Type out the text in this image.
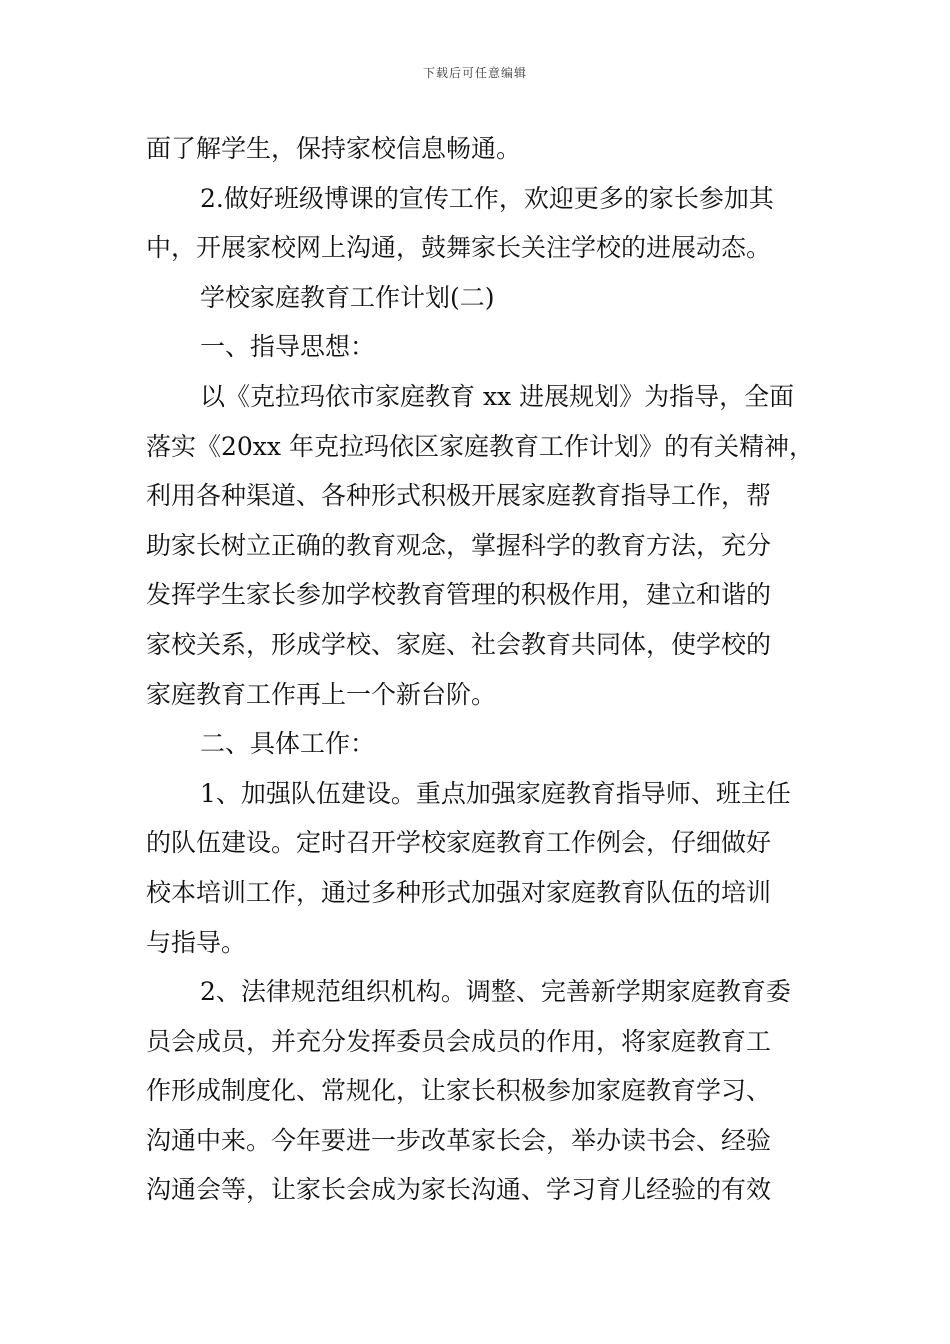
下载后可任意编辑
面了解学生，保持家校信息畅通。
2.做好班级博课的宣传工作，欢迎更多的家长参加其
中，开展家校网上沟通，鼓舞家长关注学校的进展动态。
学校家庭教育工作计划(二)
一、指导思想：
以《克拉玛依市家庭教育 xx 进展规划》为指导，全面
落实《20xx 年克拉玛依区家庭教育工作计划》的有关精神，
利用各种渠道、各种形式积极开展家庭教育指导工作，帮
助家长树立正确的教育观念，掌握科学的教育方法，充分
发挥学生家长参加学校教育管理的积极作用，建立和谐的
家校关系，形成学校、家庭、社会教育共同体，使学校的
家庭教育工作再上一个新台阶。
二、具体工作：
1、加强队伍建设。重点加强家庭教育指导师、班主任
的队伍建设。定时召开学校家庭教育工作例会，仔细做好
校本培训工作，通过多种形式加强对家庭教育队伍的培训
与指导。
2、法律规范组织机构。调整、完善新学期家庭教育委
员会成员，并充分发挥委员会成员的作用，将家庭教育工
作形成制度化、常规化，让家长积极参加家庭教育学习、
沟通中来。今年要进一步改革家长会，举办读书会、经验
沟通会等，让家长会成为家长沟通、学习育儿经验的有效
